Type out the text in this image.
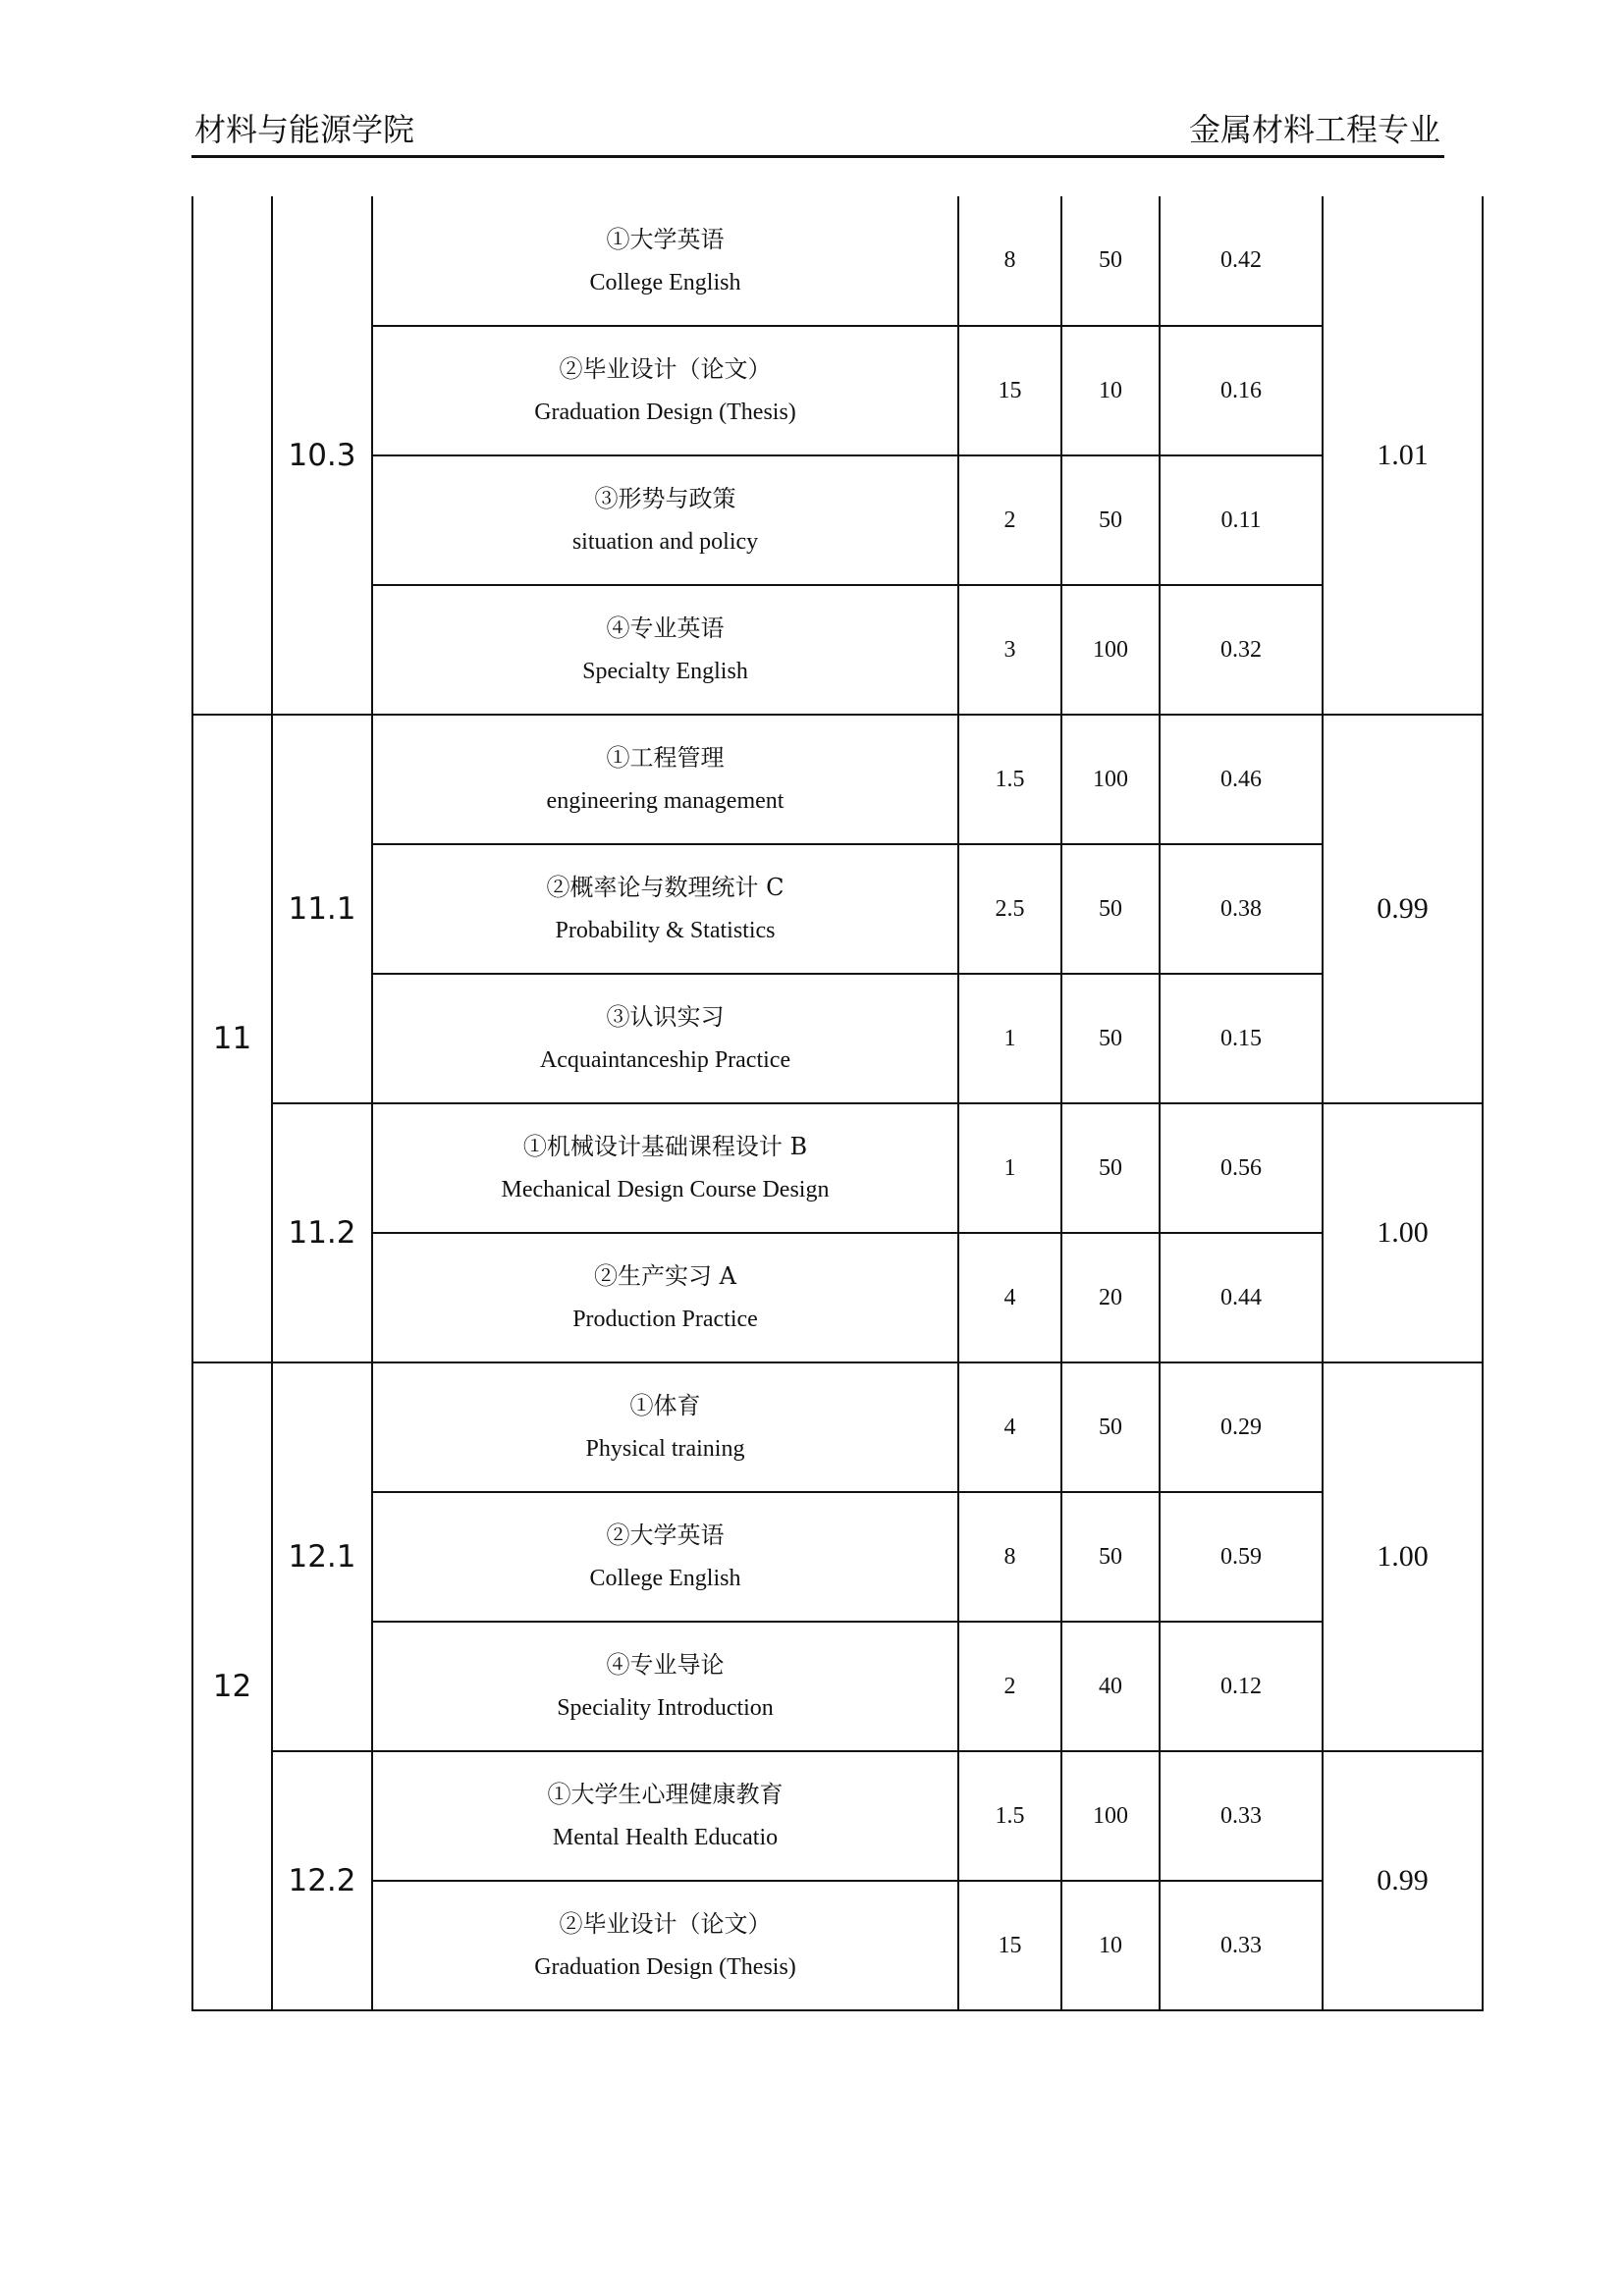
材料与能源学院	金属材料工程专业
	10.3	①大学英语
College English	8	50	0.42	1.01

		②毕业设计（论文）
Graduation Design (Thesis)	15	10	0.16	

		③形势与政策
situation and policy	2	50	0.11	

		④专业英语
Specialty English	3	100	0.32	
11	11.1	①工程管理
engineering management	1.5	100	0.46	0.99

		②概率论与数理统计 C
Probability & Statistics	2.5	50	0.38	

		③认识实习
Acquaintanceship Practice	1	50	0.15	
	11.2	①机械设计基础课程设计 B
Mechanical Design Course Design	1	50	0.56	1.00

		②生产实习 A
Production Practice	4	20	0.44	
12	12.1	①体育
Physical training	4	50	0.29	1.00

		②大学英语
College English	8	50	0.59	

		④专业导论
Speciality Introduction	2	40	0.12	
	12.2	①大学生心理健康教育
Mental Health Educatio	1.5	100	0.33	0.99

		②毕业设计（论文）
Graduation Design (Thesis)	15	10	0.33	
